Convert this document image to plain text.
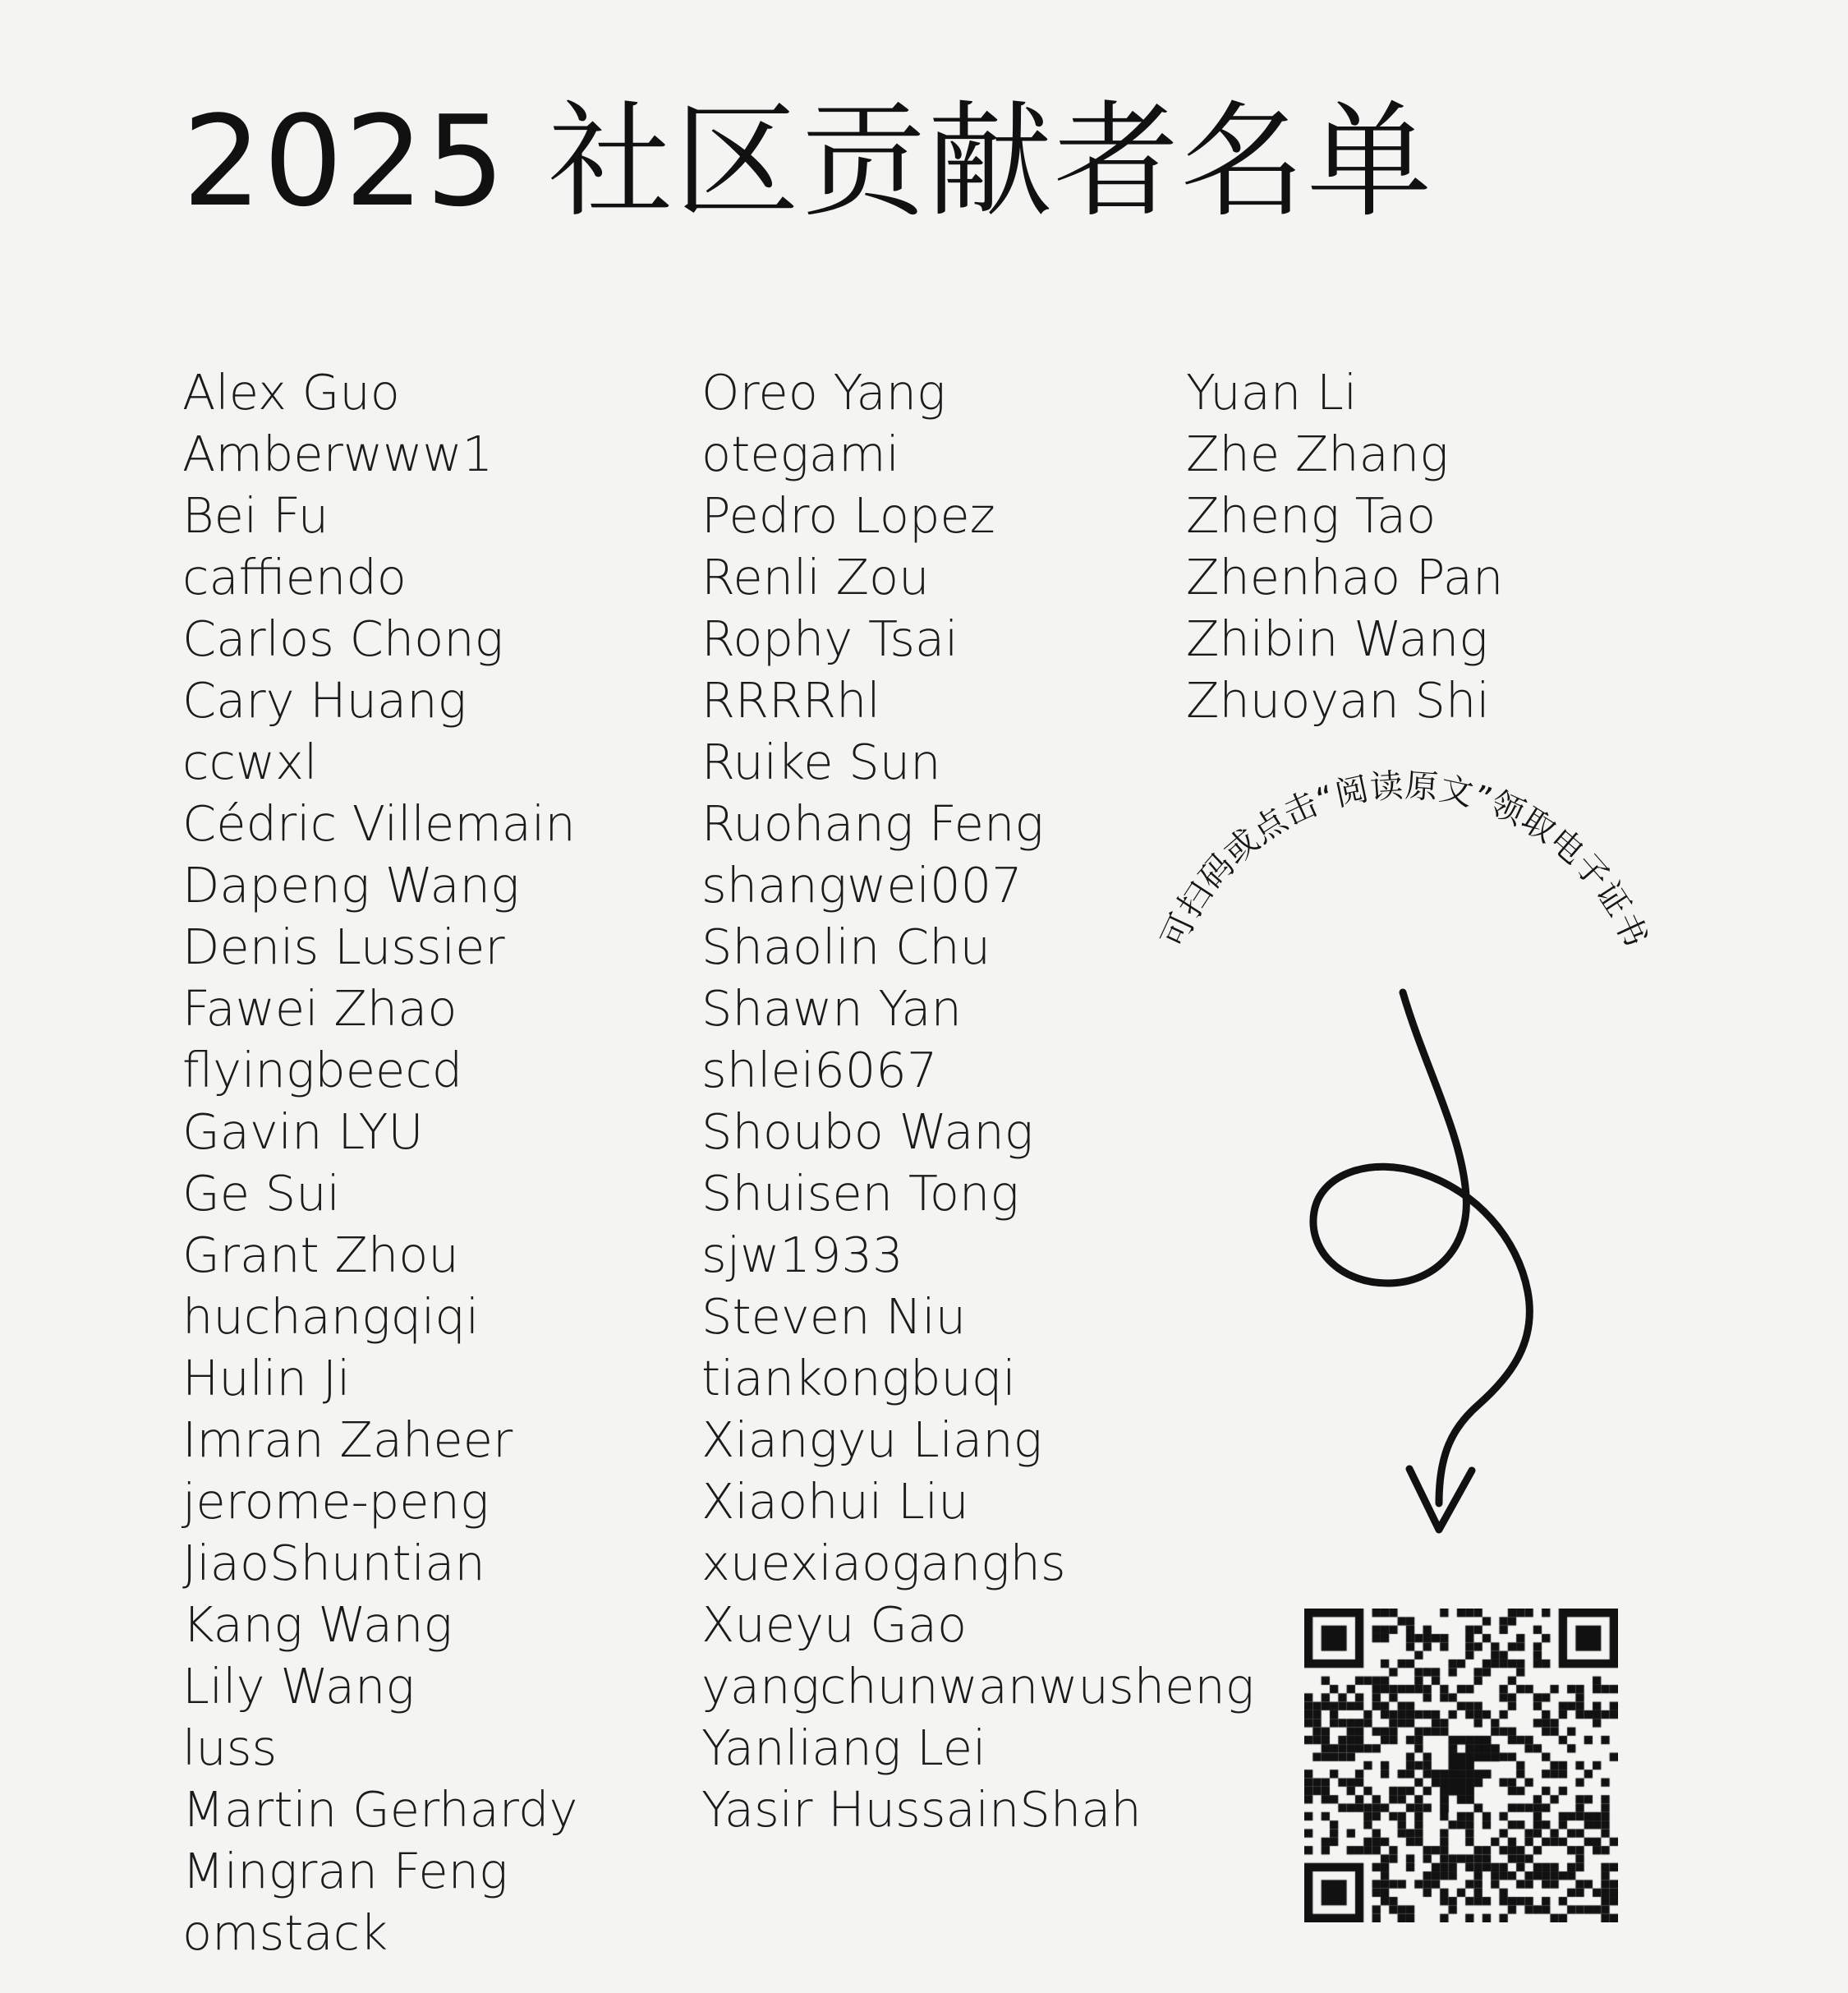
2025 社区贡献者名单
Alex Guo
Amberwww1
Bei Fu
caffiendo
Carlos Chong
Cary Huang
ccwxl
Cédric Villemain
Dapeng Wang
Denis Lussier
Fawei Zhao
flyingbeecd
Gavin LYU
Ge Sui
Grant Zhou
huchangqiqi
Hulin Ji
Imran Zaheer
jerome-peng
JiaoShuntian
Kang Wang
Lily Wang
luss
Martin Gerhardy
Mingran Feng
omstack
Oreo Yang
otegami
Pedro Lopez
Renli Zou
Rophy Tsai
RRRRhl
Ruike Sun
Ruohang Feng
shangwei007
Shaolin Chu
Shawn Yan
shlei6067
Shoubo Wang
Shuisen Tong
sjw1933
Steven Niu
tiankongbuqi
Xiangyu Liang
Xiaohui Liu
xuexiaoganghs
Xueyu Gao
yangchunwanwusheng
Yanliang Lei
Yasir HussainShah
Yuan Li
Zhe Zhang
Zheng Tao
Zhenhao Pan
Zhibin Wang
Zhuoyan Shi
可扫码或点击“阅读原文”领取电子证书
